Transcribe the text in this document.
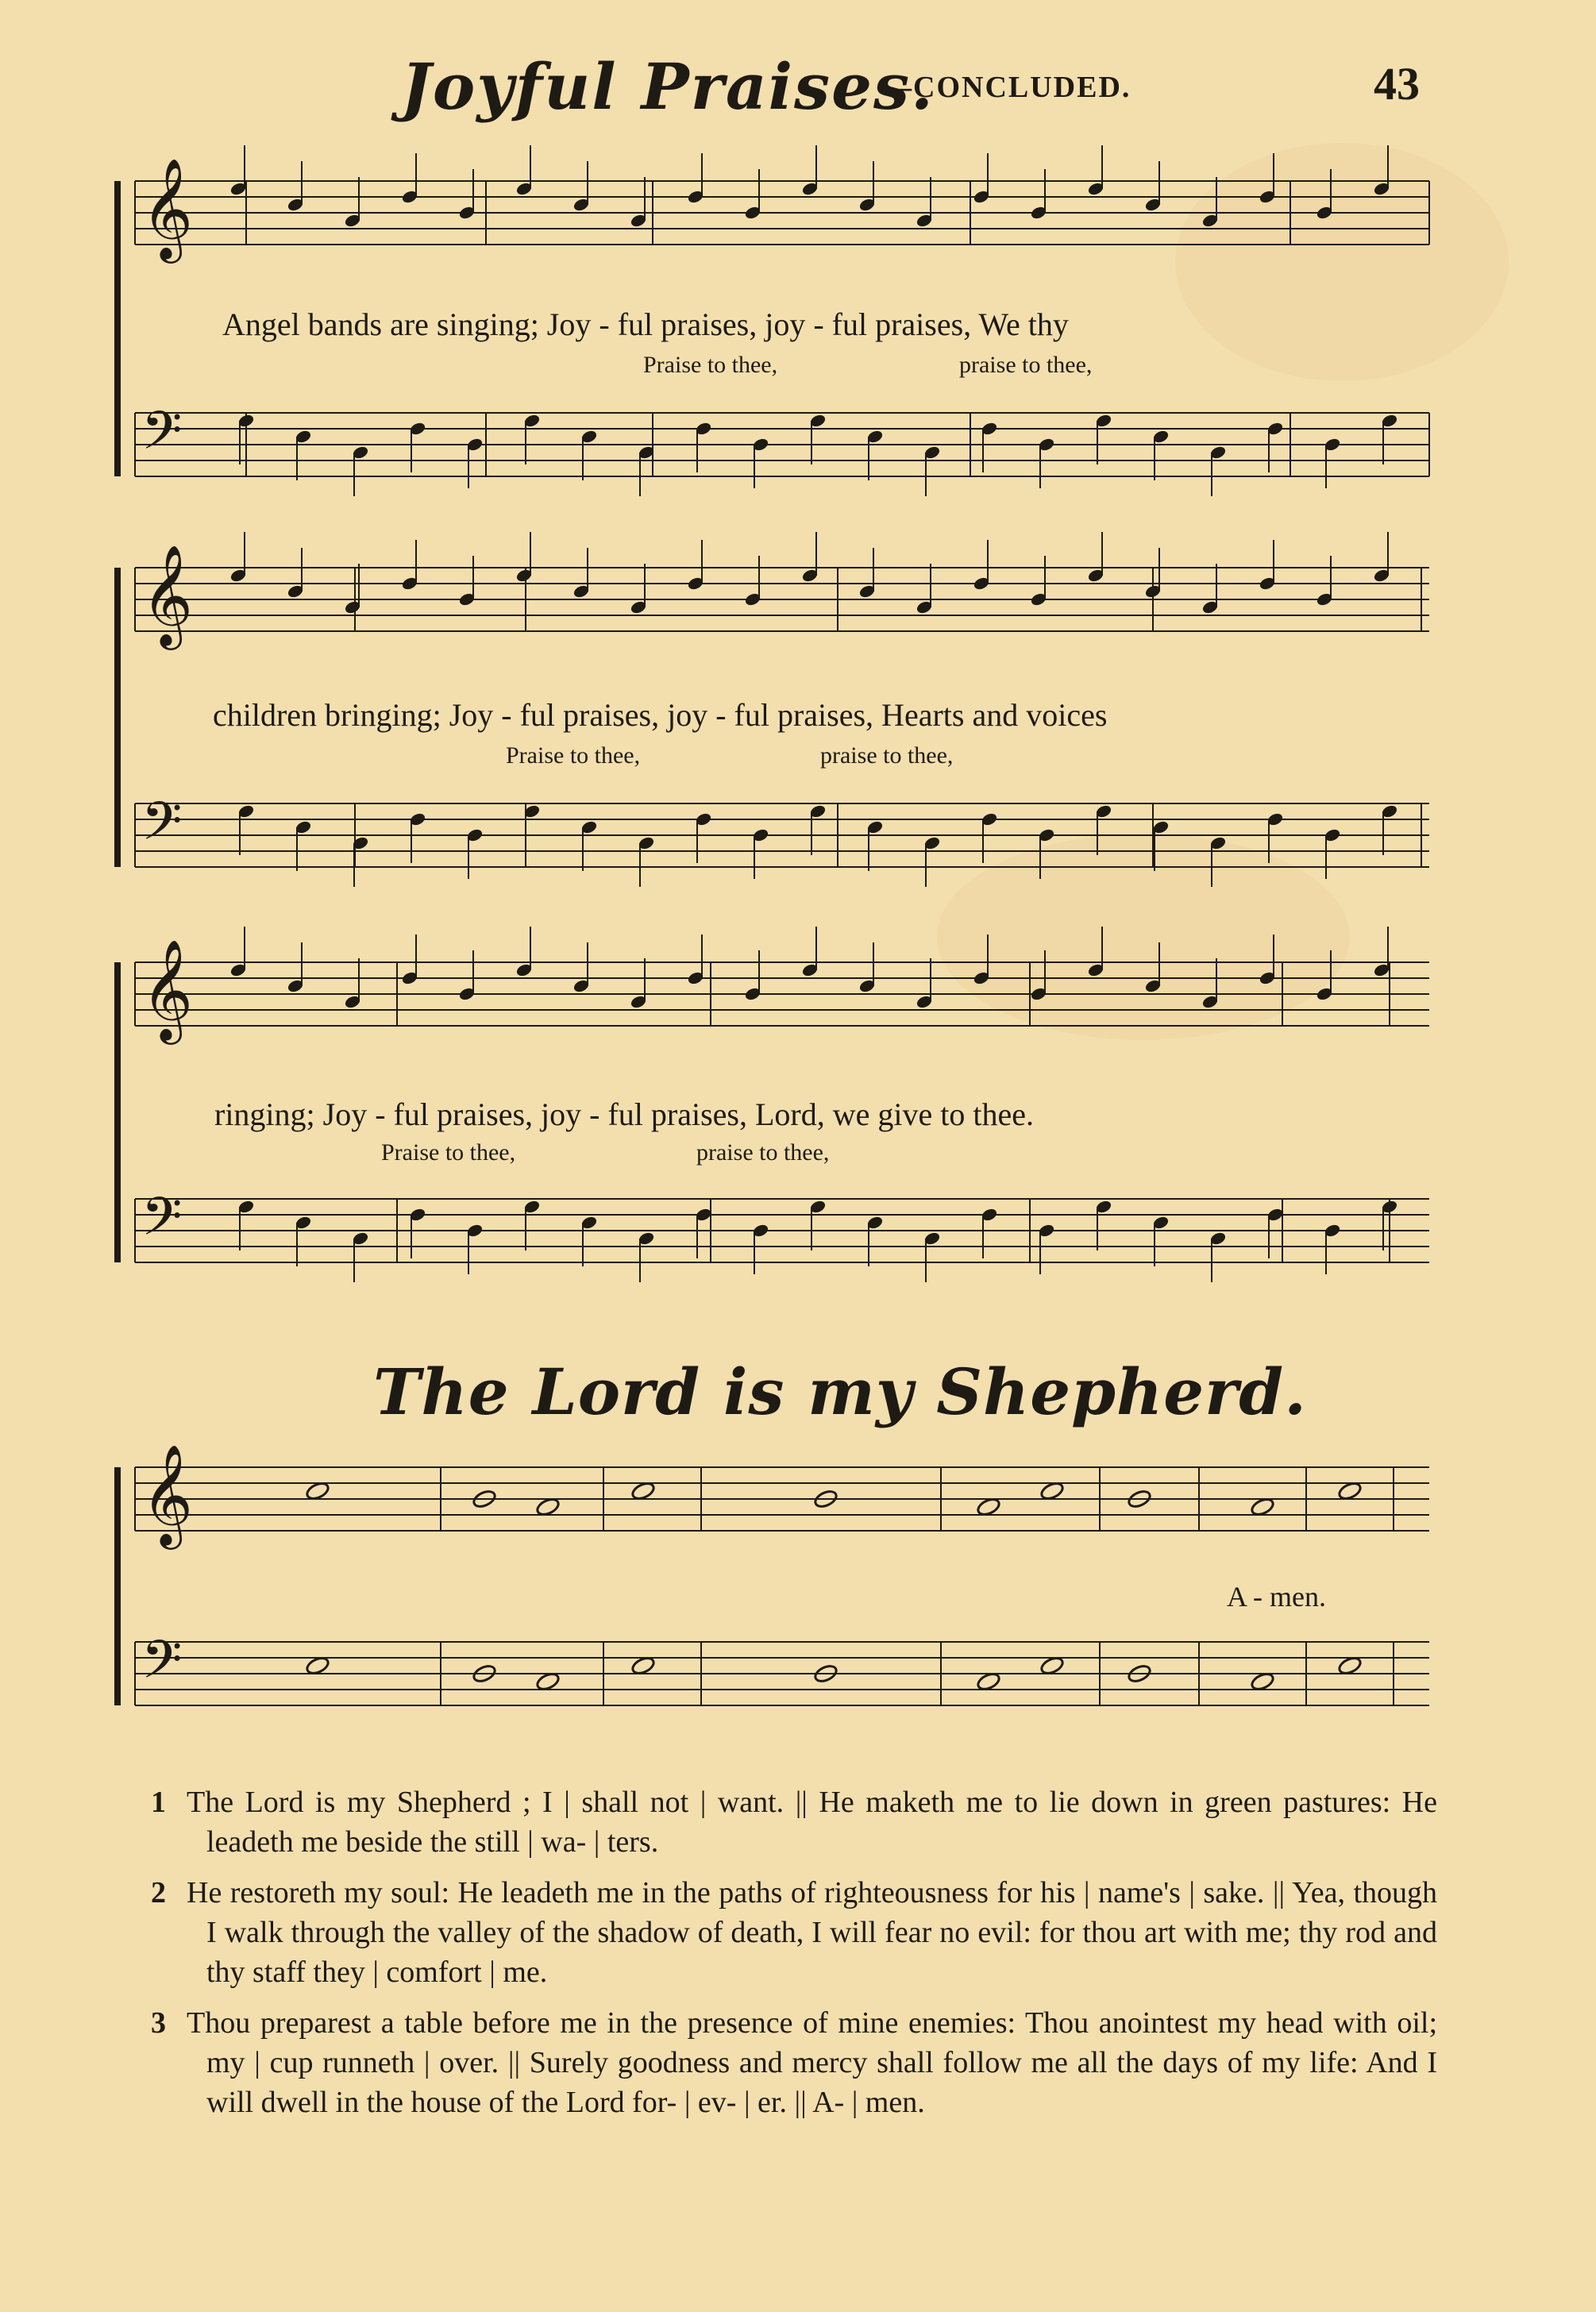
Joyful Praises.
—CONCLUDED.	43
𝄞
𝄢
𝄞
𝄢
𝄞
𝄢
𝄞
𝄢
Angel bands are singing; Joy - ful praises, joy - ful praises, We thy
Praise to thee,	praise to thee,
children bringing; Joy - ful praises, joy - ful praises, Hearts and voices
Praise to thee,	praise to thee,
ringing; Joy - ful praises, joy - ful praises, Lord, we give to thee.
Praise to thee,	praise to thee,
The Lord is my Shepherd.
A - men.
1 The Lord is my Shepherd ; I | shall not | want. || He maketh me to lie down in green pastures: He leadeth me beside the still | wa- | ters.
2 He restoreth my soul: He leadeth me in the paths of righteousness for his | name's | sake. || Yea, though I walk through the valley of the shadow of death, I will fear no evil: for thou art with me; thy rod and thy staff they | comfort | me.
3 Thou preparest a table before me in the presence of mine enemies: Thou anointest my head with oil; my | cup runneth | over. || Surely goodness and mercy shall follow me all the days of my life: And I will dwell in the house of the Lord for- | ev- | er. || A- | men.
